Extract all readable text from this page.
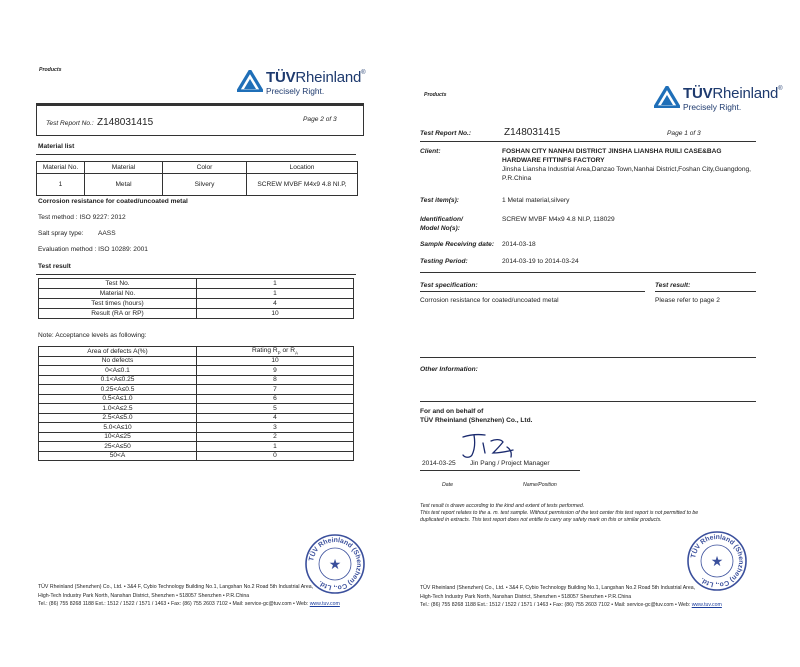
Products	TÜVRheinland®
Precisely Right.
Test Report No.: Z148031415	Page 2 of 3
Material list
Material No.	Material	Color	Location
1	Metal	Silvery	SCREW MVBF M4x9 4.8 NI.P,
Corrosion resistance for coated/uncoated metal
Test method : ISO 9227: 2012
Salt spray type: AASS
Evaluation method : ISO 10289: 2001
Test result
Test No.	1
Material No.	1
Test times (hours)	4
Result (RA or RP)	10
Note: Acceptance levels as following:
Area of defects A(%)	Rating $R_P$ or $R_A$
No defects	10
0<A≤0.1	9
0.1<A≤0.25	8
0.25<A≤0.5	7
0.5<A≤1.0	6
1.0<A≤2.5	5
2.5<A≤5.0	4
5.0<A≤10	3
10<A≤25	2
25<A≤50	1
50<A	0
TÜV Rheinland (Shenzhen) Co., Ltd.
★
TÜV Rheinland (Shenzhen) Co., Ltd. • 3&4 F, Cybio Technology Building No.1, Langshan No.2 Road 5th Industrial Area,
High-Tech Industry Park North, Nanshan District, Shenzhen • 518057 Shenzhen • P.R.China
Tel.: (86) 755 8268 1188 Ext.: 1512 / 1522 / 1571 / 1463 • Fax: (86) 755 2603 7102 • Mail: service-gc@tuv.com • Web: www.tuv.com
Products	TÜVRheinland®
Precisely Right.
Test Report No.:	Z148031415	Page 1 of 3
Client:	FOSHAN CITY NANHAI DISTRICT JINSHA LIANSHA RUILI CASE&BAG
HARDWARE FITTINFS FACTORY
Jinsha Liansha Industrial Area,Danzao Town,Nanhai District,Foshan City,Guangdong,
P.R.China
Test item(s):	1 Metal material,silvery
Identification/
Model No(s):
SCREW MVBF M4x9 4.8 NI.P, 118029
Sample Receiving date: 2014-03-18
Testing Period:	2014-03-19 to 2014-03-24
Test specification:	Test result:
Corrosion resistance for coated/uncoated metal	Please refer to page 2
Other Information:
For and on behalf of
TÜV Rheinland (Shenzhen) Co., Ltd.
2014-03-25 Jin Pang / Project Manager
Date	Name/Position
Test result is drawn according to the kind and extent of tests performed.
This test report relates to the a. m. test sample. Without permission of the test center this test report is not permitted to be
duplicated in extracts. This test report does not entitle to carry any safety mark on this or similar products.
TÜV Rheinland (Shenzhen) Co., Ltd.
★
TÜV Rheinland (Shenzhen) Co., Ltd. • 3&4 F, Cybio Technology Building No.1, Langshan No.2 Road 5th Industrial Area,
High-Tech Industry Park North, Nanshan District, Shenzhen • 518057 Shenzhen • P.R.China
Tel.: (86) 755 8268 1188 Ext.: 1512 / 1522 / 1571 / 1463 • Fax: (86) 755 2603 7102 • Mail: service-gc@tuv.com • Web: www.tuv.com
